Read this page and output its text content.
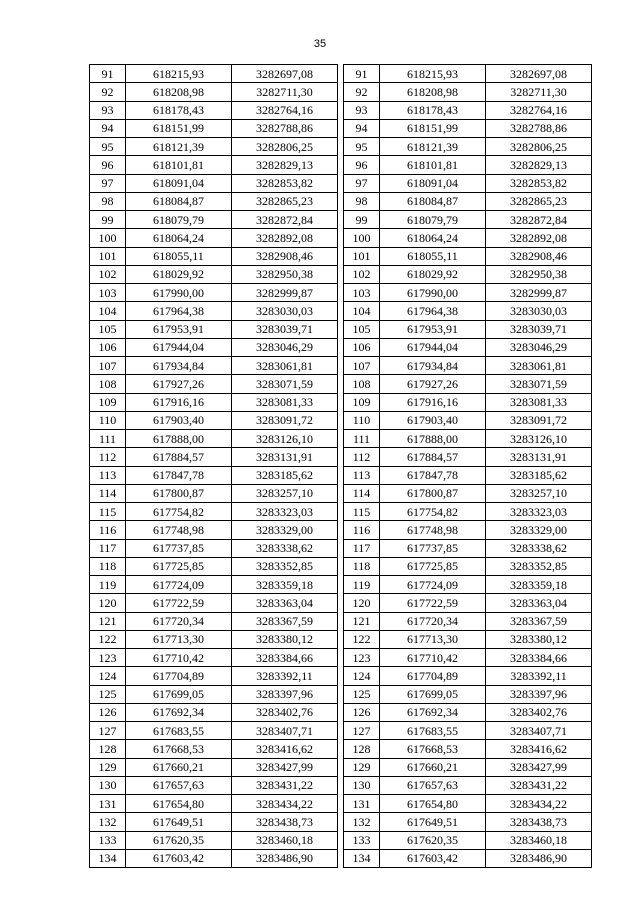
35
91	618215,93	3282697,08
92	618208,98	3282711,30
93	618178,43	3282764,16
94	618151,99	3282788,86
95	618121,39	3282806,25
96	618101,81	3282829,13
97	618091,04	3282853,82
98	618084,87	3282865,23
99	618079,79	3282872,84
100	618064,24	3282892,08
101	618055,11	3282908,46
102	618029,92	3282950,38
103	617990,00	3282999,87
104	617964,38	3283030,03
105	617953,91	3283039,71
106	617944,04	3283046,29
107	617934,84	3283061,81
108	617927,26	3283071,59
109	617916,16	3283081,33
110	617903,40	3283091,72
111	617888,00	3283126,10
112	617884,57	3283131,91
113	617847,78	3283185,62
114	617800,87	3283257,10
115	617754,82	3283323,03
116	617748,98	3283329,00
117	617737,85	3283338,62
118	617725,85	3283352,85
119	617724,09	3283359,18
120	617722,59	3283363,04
121	617720,34	3283367,59
122	617713,30	3283380,12
123	617710,42	3283384,66
124	617704,89	3283392,11
125	617699,05	3283397,96
126	617692,34	3283402,76
127	617683,55	3283407,71
128	617668,53	3283416,62
129	617660,21	3283427,99
130	617657,63	3283431,22
131	617654,80	3283434,22
132	617649,51	3283438,73
133	617620,35	3283460,18
134	617603,42	3283486,90
91	618215,93	3282697,08
92	618208,98	3282711,30
93	618178,43	3282764,16
94	618151,99	3282788,86
95	618121,39	3282806,25
96	618101,81	3282829,13
97	618091,04	3282853,82
98	618084,87	3282865,23
99	618079,79	3282872,84
100	618064,24	3282892,08
101	618055,11	3282908,46
102	618029,92	3282950,38
103	617990,00	3282999,87
104	617964,38	3283030,03
105	617953,91	3283039,71
106	617944,04	3283046,29
107	617934,84	3283061,81
108	617927,26	3283071,59
109	617916,16	3283081,33
110	617903,40	3283091,72
111	617888,00	3283126,10
112	617884,57	3283131,91
113	617847,78	3283185,62
114	617800,87	3283257,10
115	617754,82	3283323,03
116	617748,98	3283329,00
117	617737,85	3283338,62
118	617725,85	3283352,85
119	617724,09	3283359,18
120	617722,59	3283363,04
121	617720,34	3283367,59
122	617713,30	3283380,12
123	617710,42	3283384,66
124	617704,89	3283392,11
125	617699,05	3283397,96
126	617692,34	3283402,76
127	617683,55	3283407,71
128	617668,53	3283416,62
129	617660,21	3283427,99
130	617657,63	3283431,22
131	617654,80	3283434,22
132	617649,51	3283438,73
133	617620,35	3283460,18
134	617603,42	3283486,90
